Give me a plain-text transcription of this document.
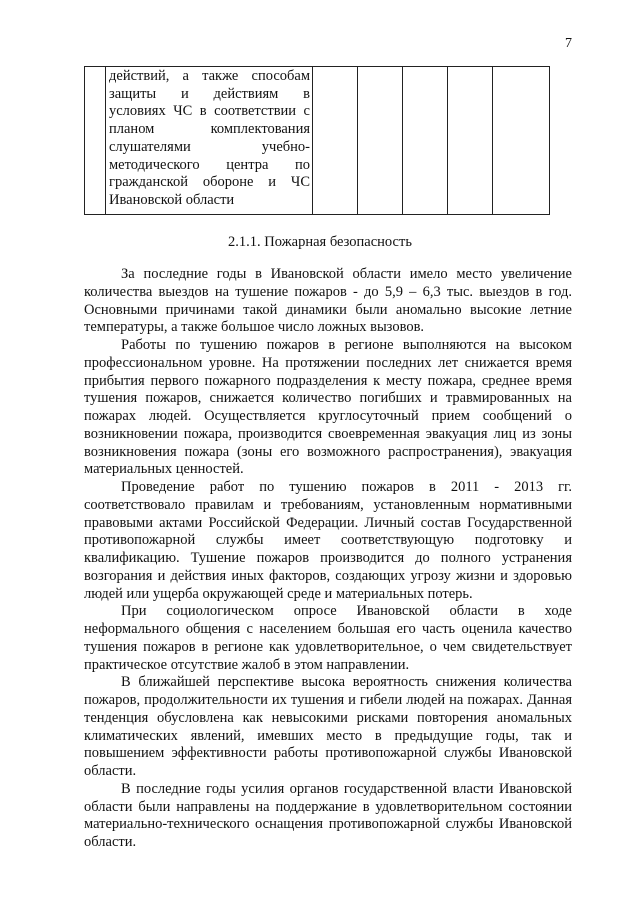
7

действий, а также способам
защиты и действиям в
условиях ЧС в соответствии с
планом комплектования
слушателями учебно-
методического центра по
гражданской обороне и ЧС
Ивановской области

2.1.1. Пожарная безопасность

За последние годы в Ивановской области имело место увеличение количества выездов на тушение пожаров - до 5,9 – 6,3 тыс. выездов в год. Основными причинами такой динамики были аномально высокие летние температуры, а также большое число ложных вызовов.

Работы по тушению пожаров в регионе выполняются на высоком профессиональном уровне. На протяжении последних лет снижается время прибытия первого пожарного подразделения к месту пожара, среднее время тушения пожаров, снижается количество погибших и травмированных на пожарах людей. Осуществляется круглосуточный прием сообщений о возникновении пожара, производится своевременная эвакуация лиц из зоны возникновения пожара (зоны его возможного распространения), эвакуация материальных ценностей.

Проведение работ по тушению пожаров в 2011 - 2013 гг. соответствовало правилам и требованиям, установленным нормативными правовыми актами Российской Федерации. Личный состав Государственной противопожарной службы имеет соответствующую подготовку и квалификацию. Тушение пожаров производится до полного устранения возгорания и действия иных факторов, создающих угрозу жизни и здоровью людей или ущерба окружающей среде и материальных потерь.

При социологическом опросе Ивановской области в ходе неформального общения с населением большая его часть оценила качество тушения пожаров в регионе как удовлетворительное, о чем свидетельствует практическое отсутствие жалоб в этом направлении.

В ближайшей перспективе высока вероятность снижения количества пожаров, продолжительности их тушения и гибели людей на пожарах. Данная тенденция обусловлена как невысокими рисками повторения аномальных климатических явлений, имевших место в предыдущие годы, так и повышением эффективности работы противопожарной службы Ивановской области.

В последние годы усилия органов государственной власти Ивановской области были направлены на поддержание в удовлетворительном состоянии материально-технического оснащения противопожарной службы Ивановской области.
